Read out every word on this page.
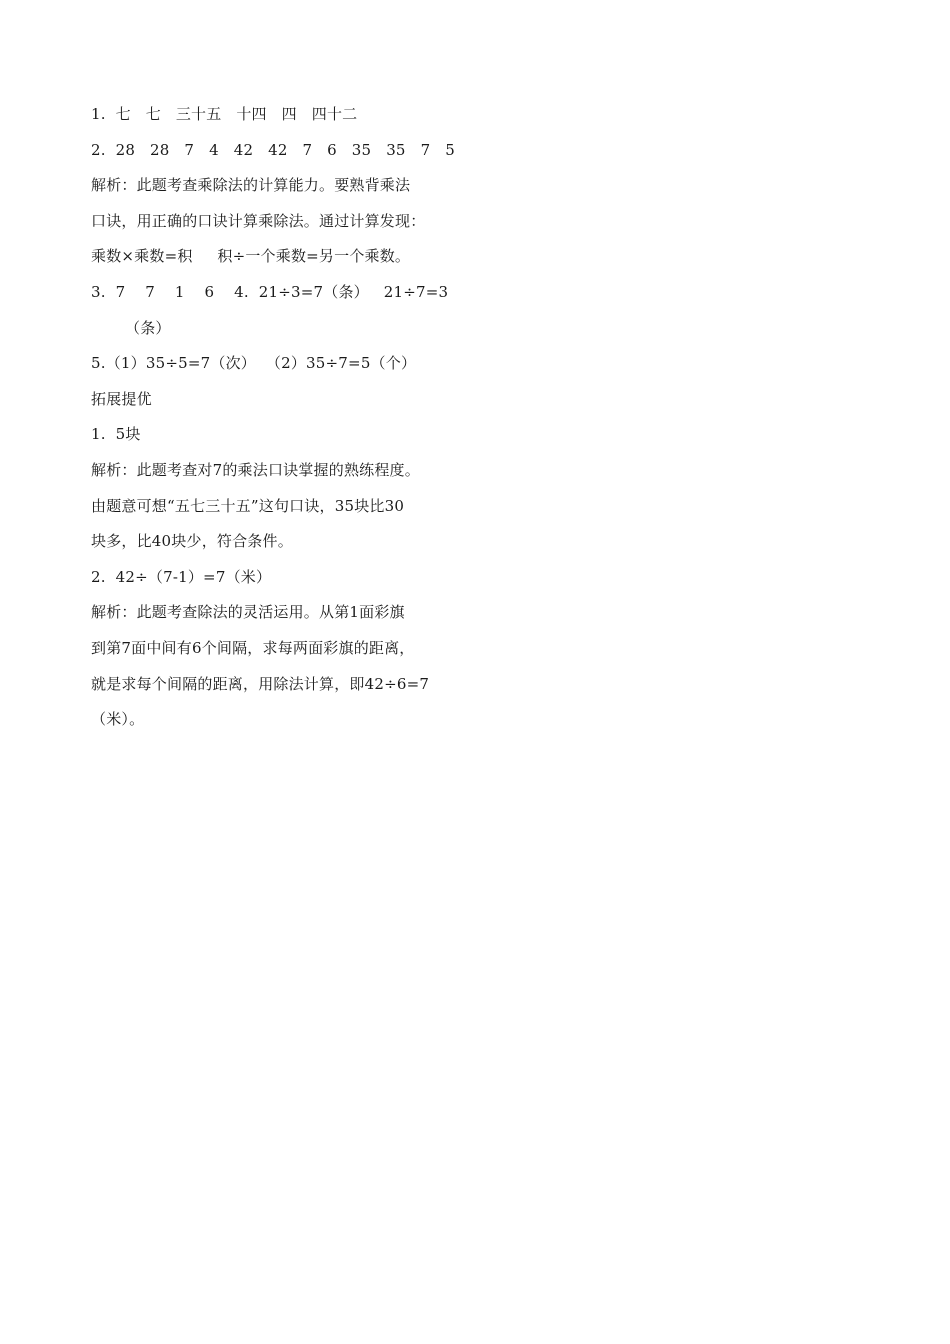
1.  七   七   三十五   十四   四   四十二
2.  28   28   7   4   42   42   7   6   35   35   7   5
解析：此题考查乘除法的计算能力。要熟背乘法
口诀，用正确的口诀计算乘除法。通过计算发现：
乘数×乘数=积     积÷一个乘数=另一个乘数。
3.  7    7    1    6    4.  21÷3=7（条）   21÷7=3
（条）
5.（1）35÷5=7（次）  （2）35÷7=5（个）
拓展提优
1.  5块
解析：此题考查对7的乘法口诀掌握的熟练程度。
由题意可想“五七三十五”这句口诀，35块比30
块多，比40块少，符合条件。
2.  42÷（7-1）=7（米）
解析：此题考查除法的灵活运用。从第1面彩旗
到第7面中间有6个间隔，求每两面彩旗的距离，
就是求每个间隔的距离，用除法计算，即42÷6=7
（米）。
